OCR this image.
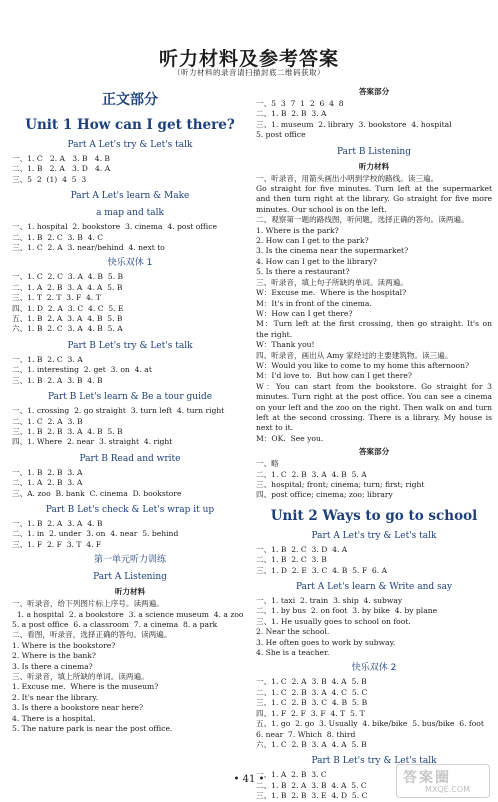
听力材料及参考答案
（听力材料的录音请扫描封底二维码获取）
正文部分
Unit 1 How can I get there?
Part A Let's try & Let's talk
一、1. C   2. A   3. B   4. B
二、1. B   2. A   3. D   4. A
三、5  2  (1)  4  5  3
Part A Let's learn & Make
a map and talk
一、1. hospital  2. bookstore  3. cinema  4. post office
二、1. B  2. C  3. B  4. C
三、1. C  2. A  3. near/behind  4. next to
快乐双休 1
一、1. C  2. C  3. A  4. B  5. B
二、1. A  2. B  3. A  4. A  5. B
三、1. T  2. T  3. F  4. T
四、1. D  2. A  3. C  4. C  5. E
五、1. B  2. A  3. A  4. B  5. B
六、1. B  2. C  3. A  4. B  5. A
Part B Let's try & Let's talk
一、1. B  2. C  3. A
二、1. interesting  2. get  3. on  4. at
三、1. B  2. A  3. B  4. B
Part B Let's learn & Be a tour guide
一、1. crossing  2. go straight  3. turn left  4. turn right
二、1. C  2. A  3. B
三、1. B  2. B  3. A  4. B  5. B
四、1. Where  2. near  3. straight  4. right
Part B Read and write
一、1. B  2. B  3. A
二、1. A  2. B  3. A
三、A. zoo  B. bank  C. cinema  D. bookstore
Part B Let's check & Let's wrap it up
一、1. B  2. A  3. A  4. B
二、1. in  2. under  3. on  4. near  5. behind
三、1. F  2. F  3. T  4. F
第一单元听力训练
Part A Listening
听力材料
一、听录音，给下列图片标上序号。读两遍。
1. a hospital  2. a bookstore  3. a science museum  4. a zoo
5. a post office  6. a classroom  7. a cinema  8. a park
二、看图，听录音，选择正确的答句。读两遍。
1. Where is the bookstore?
2. Where is the bank?
3. Is there a cinema?
三、听录音，填上所缺的单词。读两遍。
1. Excuse me.  Where is the museum?
2. It's near the library.
3. Is there a bookstore near here?
4. There is a hospital.
5. The nature park is near the post office.
答案部分
一、5  3  7  1  2  6  4  8
二、1. B  2. B  3. A
三、1. museum  2. library  3. bookstore  4. hospital
5. post office
Part B Listening
听力材料
一、听录音，用箭头画出小明到学校的路线。读三遍。
Go straight for five minutes. Turn left at the supermarket and then turn right at the library. Go straight for five more minutes. Our school is on the left.
二、观察第一题的路线图，听问题，选择正确的答句。读两遍。
1. Where is the park?
2. How can I get to the park?
3. Is the cinema near the supermarket?
4. How can I get to the library?
5. Is there a restaurant?
三、听录音，填上句子所缺的单词。读两遍。
W：Excuse me.  Where is the hospital?
M：It's in front of the cinema.
W：How can I get there?
M：Turn left at the first crossing, then go straight. It's on the right.
W：Thank you!
四、听录音，画出从 Amy 家经过的主要建筑物。读三遍。
W：Would you like to come to my home this afternoon?
M：I'd love to.  But how can I get there?
W：You can start from the bookstore. Go straight for 3 minutes. Turn right at the post office. You can see a cinema on your left and the zoo on the right. Then walk on and turn left at the second crossing. There is a library. My house is next to it.
M：OK.  See you.
答案部分
一、略
二、1. C  2. B  3. A  4. B  5. A
三、hospital; front; cinema; turn; first; right
四、post office; cinema; zoo; library
Unit 2 Ways to go to school
Part A Let's try & Let's talk
一、1. B  2. C  3. D  4. A
二、1. B  2. C  3. B
三、1. D  2. E  3. C  4. B  5. F  6. A
Part A Let's learn & Write and say
一、1. taxi  2. train  3. ship  4. subway
二、1. by bus  2. on foot  3. by bike  4. by plane
三、1. He usually goes to school on foot.
2. Near the school.
3. He often goes to work by subway.
4. She is a teacher.
快乐双休 2
一、1. C  2. A  3. B  4. A  5. B
二、1. C  2. B  3. A  4. C  5. C
三、1. C  2. B  3. C  4. B  5. B
四、1. F  2. F  3. F  4. T  5. T
五、1. go  2. go  3. Usually  4. bike/bike  5. bus/bike  6. foot
6. near  7. Which  8. third
六、1. C  2. B  3. A  4. A  5. B
Part B Let's try & Let's talk
一、1. A  2. B  3. C
二、1. B  2. A  3. B  4. A  5. C
三、1. B  2. B  3. E  4. D  5. C
• 41 •	答案圈
MXQE.COM
